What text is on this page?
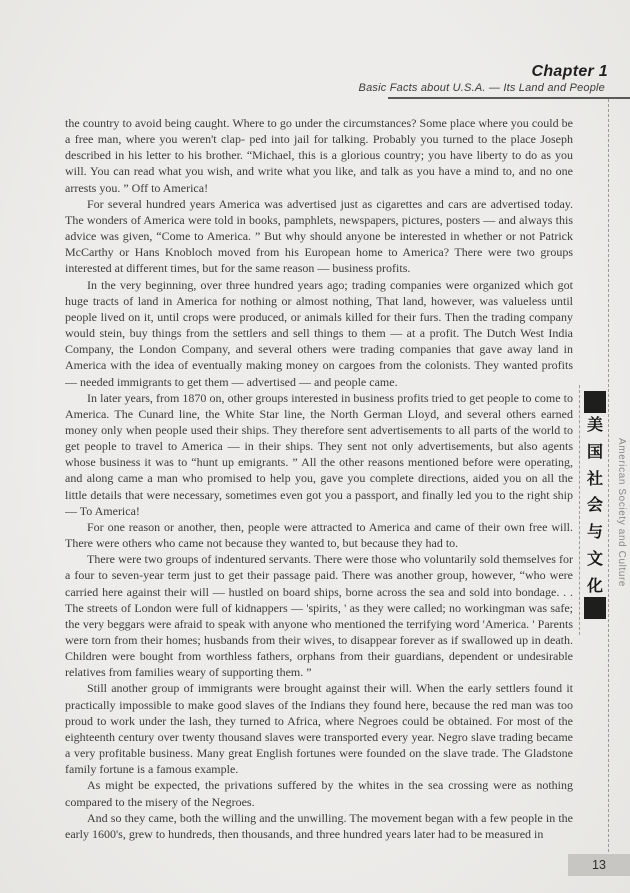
Chapter 1
Basic Facts about U.S.A. — Its Land and People

the country to avoid being caught. Where to go under the circumstances? Some place where you could be a free man, where you weren't clap- ped into jail for talking. Probably you turned to the place Joseph described in his letter to his brother. “Michael, this is a glorious country; you have liberty to do as you will. You can read what you wish, and write what you like, and talk as you have a mind to, and no one arrests you. ” Off to America!

For several hundred years America was advertised just as cigarettes and cars are advertised today. The wonders of America were told in books, pamphlets, newspapers, pictures, posters — and always this advice was given, “Come to America. ” But why should anyone be interested in whether or not Patrick McCarthy or Hans Knobloch moved from his European home to America? There were two groups interested at different times, but for the same reason — business profits.

In the very beginning, over three hundred years ago; trading companies were organized which got huge tracts of land in America for nothing or almost nothing, That land, however, was valueless until people lived on it, until crops were produced, or animals killed for their furs. Then the trading company would stein, buy things from the settlers and sell things to them — at a profit. The Dutch West India Company, the London Company, and several others were trading companies that gave away land in America with the idea of eventually making money on cargoes from the colonists. They wanted profits — needed immigrants to get them — advertised — and people came.

In later years, from 1870 on, other groups interested in business profits tried to get people to come to America. The Cunard line, the White Star line, the North German Lloyd, and several others earned money only when people used their ships. They therefore sent advertisements to all parts of the world to get people to travel to America — in their ships. They sent not only advertisements, but also agents whose business it was to “hunt up emigrants. ” All the other reasons mentioned before were operating, and along came a man who promised to help you, gave you complete directions, aided you on all the little details that were necessary, sometimes even got you a passport, and finally led you to the right ship — To America!

For one reason or another, then, people were attracted to America and came of their own free will. There were others who came not because they wanted to, but because they had to.

There were two groups of indentured servants. There were those who voluntarily sold themselves for a four to seven-year term just to get their passage paid. There was another group, however, “who were carried here against their will — hustled on board ships, borne across the sea and sold into bondage. . . The streets of London were full of kidnappers — 'spirits, ' as they were called; no workingman was safe; the very beggars were afraid to speak with anyone who mentioned the terrifying word 'America. ' Parents were torn from their homes; husbands from their wives, to disappear forever as if swallowed up in death. Children were bought from worthless fathers, orphans from their guardians, dependent or undesirable relatives from families weary of supporting them. ”

Still another group of immigrants were brought against their will. When the early settlers found it practically impossible to make good slaves of the Indians they found here, because the red man was too proud to work under the lash, they turned to Africa, where Negroes could be obtained. For most of the eighteenth century over twenty thousand slaves were transported every year. Negro slave trading became a very profitable business. Many great English fortunes were founded on the slave trade. The Gladstone family fortune is a famous example.

As might be expected, the privations suffered by the whites in the sea crossing were as nothing compared to the misery of the Negroes.

And so they came, both the willing and the unwilling. The movement began with a few people in the early 1600's, grew to hundreds, then thousands, and three hundred years later had to be measured in

美
国
社
会
与
文
化 American Society and Culture
13
